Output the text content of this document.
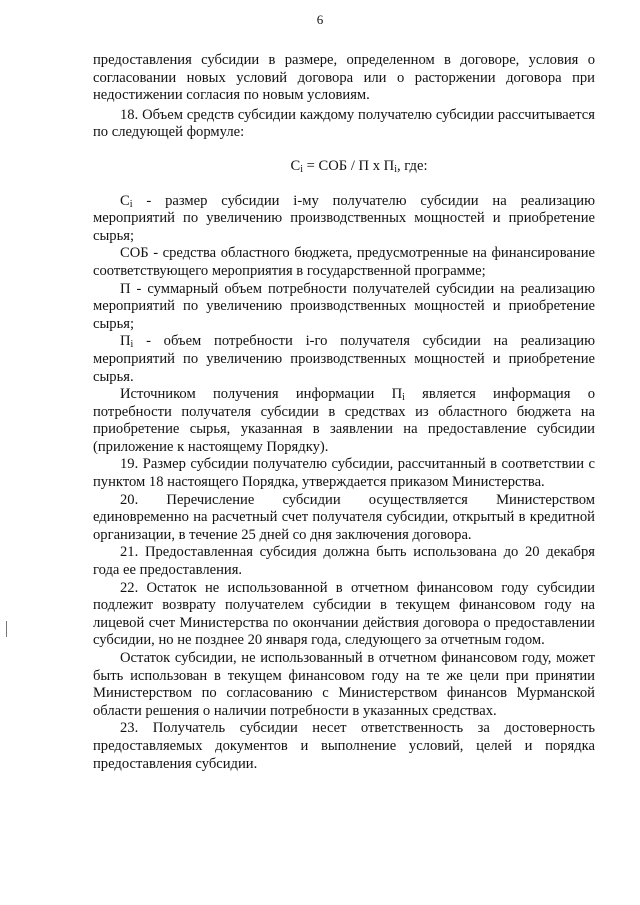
6

предоставления субсидии в размере, определенном в договоре, условия о согласовании новых условий договора или о расторжении договора при недостижении согласия по новым условиям.

18. Объем средств субсидии каждому получателю субсидии рассчитывается по следующей формуле:

$C_i$ = СОБ / П х $П_i$, где:

$C_i$ - размер субсидии i-му получателю субсидии на реализацию мероприятий по увеличению производственных мощностей и приобретение сырья;

СОБ - средства областного бюджета, предусмотренные на финансирование соответствующего мероприятия в государственной программе;

П - суммарный объем потребности получателей субсидии на реализацию мероприятий по увеличению производственных мощностей и приобретение сырья;

$П_i$ - объем потребности i-го получателя субсидии на реализацию мероприятий по увеличению производственных мощностей и приобретение сырья.

Источником получения информации $П_i$ является информация о потребности получателя субсидии в средствах из областного бюджета на приобретение сырья, указанная в заявлении на предоставление субсидии (приложение к настоящему Порядку).

19. Размер субсидии получателю субсидии, рассчитанный в соответствии с пунктом 18 настоящего Порядка, утверждается приказом Министерства.

20. Перечисление субсидии осуществляется Министерством единовременно на расчетный счет получателя субсидии, открытый в кредитной организации, в течение 25 дней со дня заключения договора.

21. Предоставленная субсидия должна быть использована до 20 декабря года ее предоставления.

22. Остаток не использованной в отчетном финансовом году субсидии подлежит возврату получателем субсидии в текущем финансовом году на лицевой счет Министерства по окончании действия договора о предоставлении субсидии, но не позднее 20 января года, следующего за отчетным годом.

Остаток субсидии, не использованный в отчетном финансовом году, может быть использован в текущем финансовом году на те же цели при принятии Министерством по согласованию с Министерством финансов Мурманской области решения о наличии потребности в указанных средствах.

23. Получатель субсидии несет ответственность за достоверность предоставляемых документов и выполнение условий, целей и порядка предоставления субсидии.
